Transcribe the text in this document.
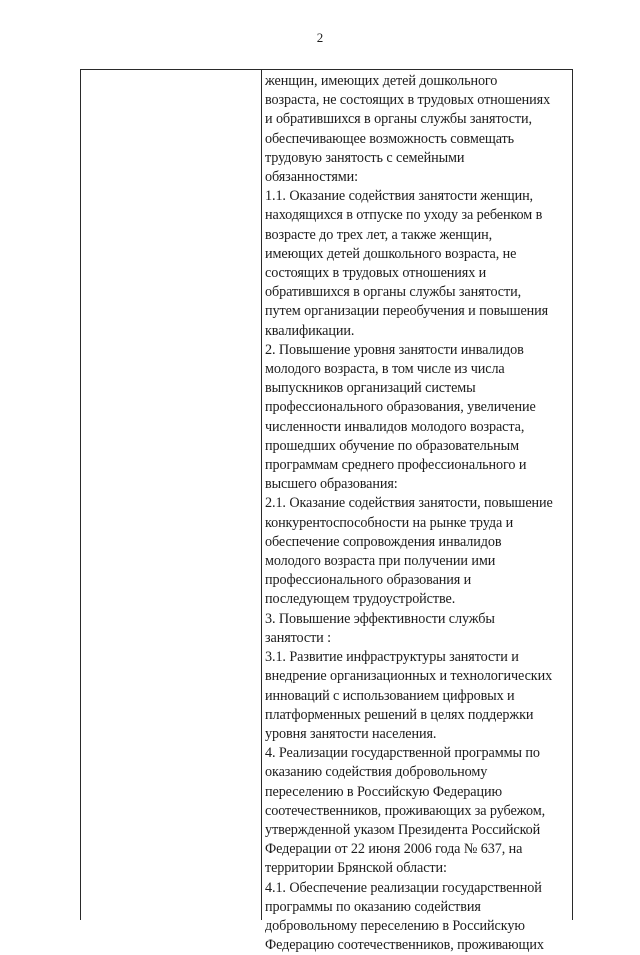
2
женщин, имеющих детей дошкольного
возраста, не состоящих в трудовых отношениях
и обратившихся в органы службы занятости,
обеспечивающее возможность совмещать
трудовую занятость с семейными
обязанностями:
1.1. Оказание содействия занятости женщин,
находящихся в отпуске по уходу за ребенком в
возрасте до трех лет, а также женщин,
имеющих детей дошкольного возраста, не
состоящих в трудовых отношениях и
обратившихся в органы службы занятости,
путем организации переобучения и повышения
квалификации.
2. Повышение уровня занятости инвалидов
молодого возраста, в том числе из числа
выпускников организаций системы
профессионального образования, увеличение
численности инвалидов молодого возраста,
прошедших обучение по образовательным
программам среднего профессионального и
высшего образования:
2.1. Оказание содействия занятости, повышение
конкурентоспособности на рынке труда и
обеспечение сопровождения инвалидов
молодого возраста при получении ими
профессионального образования и
последующем трудоустройстве.
3. Повышение эффективности службы
занятости :
3.1. Развитие инфраструктуры занятости и
внедрение организационных и технологических
инноваций с использованием цифровых и
платформенных решений в целях поддержки
уровня занятости населения.
4. Реализации государственной программы по
оказанию содействия добровольному
переселению в Российскую Федерацию
соотечественников, проживающих за рубежом,
утвержденной указом Президента Российской
Федерации от 22 июня 2006 года № 637, на
территории Брянской области:
4.1. Обеспечение реализации государственной
программы по оказанию содействия
добровольному переселению в Российскую
Федерацию соотечественников, проживающих
